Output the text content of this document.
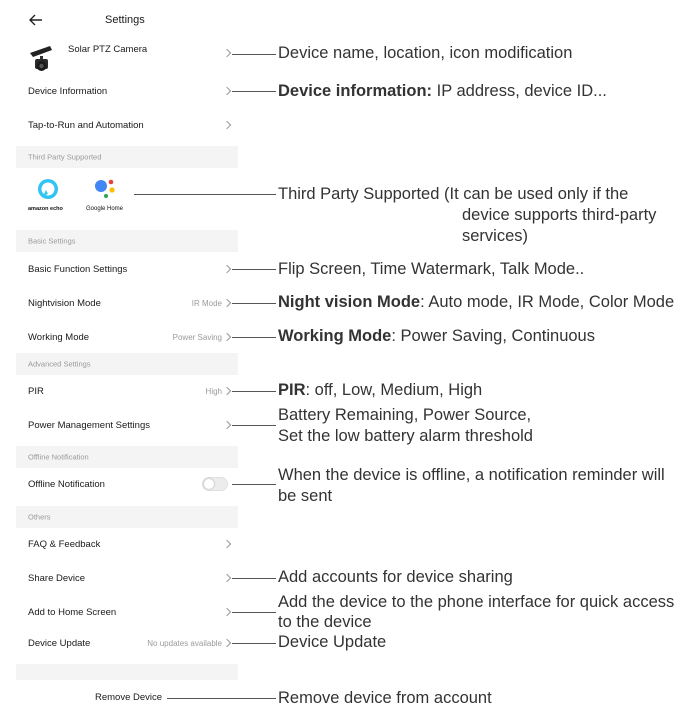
Settings
Solar PTZ Camera
Device Information
Tap-to-Run and Automation
Third Party Supported
amazon echo	Google Home
Basic Settings
Basic Function Settings
Nightvision Mode	IR Mode
Working Mode	Power Saving
Advanced Settings
PIR	High
Power Management Settings
Offline Notification
Offline Notification
Others
FAQ & Feedback
Share Device
Add to Home Screen
Device Update	No updates available
Remove Device
Device name, location, icon modification
Device information: IP address, device ID...
Third Party Supported (It can be used only if the
device supports third-party
services)
Flip Screen, Time Watermark, Talk Mode..
Night vision Mode: Auto mode, IR Mode, Color Mode
Working Mode: Power Saving, Continuous
PIR: off, Low, Medium, High
Battery Remaining, Power Source,
Set the low battery alarm threshold
When the device is offline, a notification reminder will
be sent
Add accounts for device sharing
Add the device to the phone interface for quick access
to the device
Device Update
Remove device from account
